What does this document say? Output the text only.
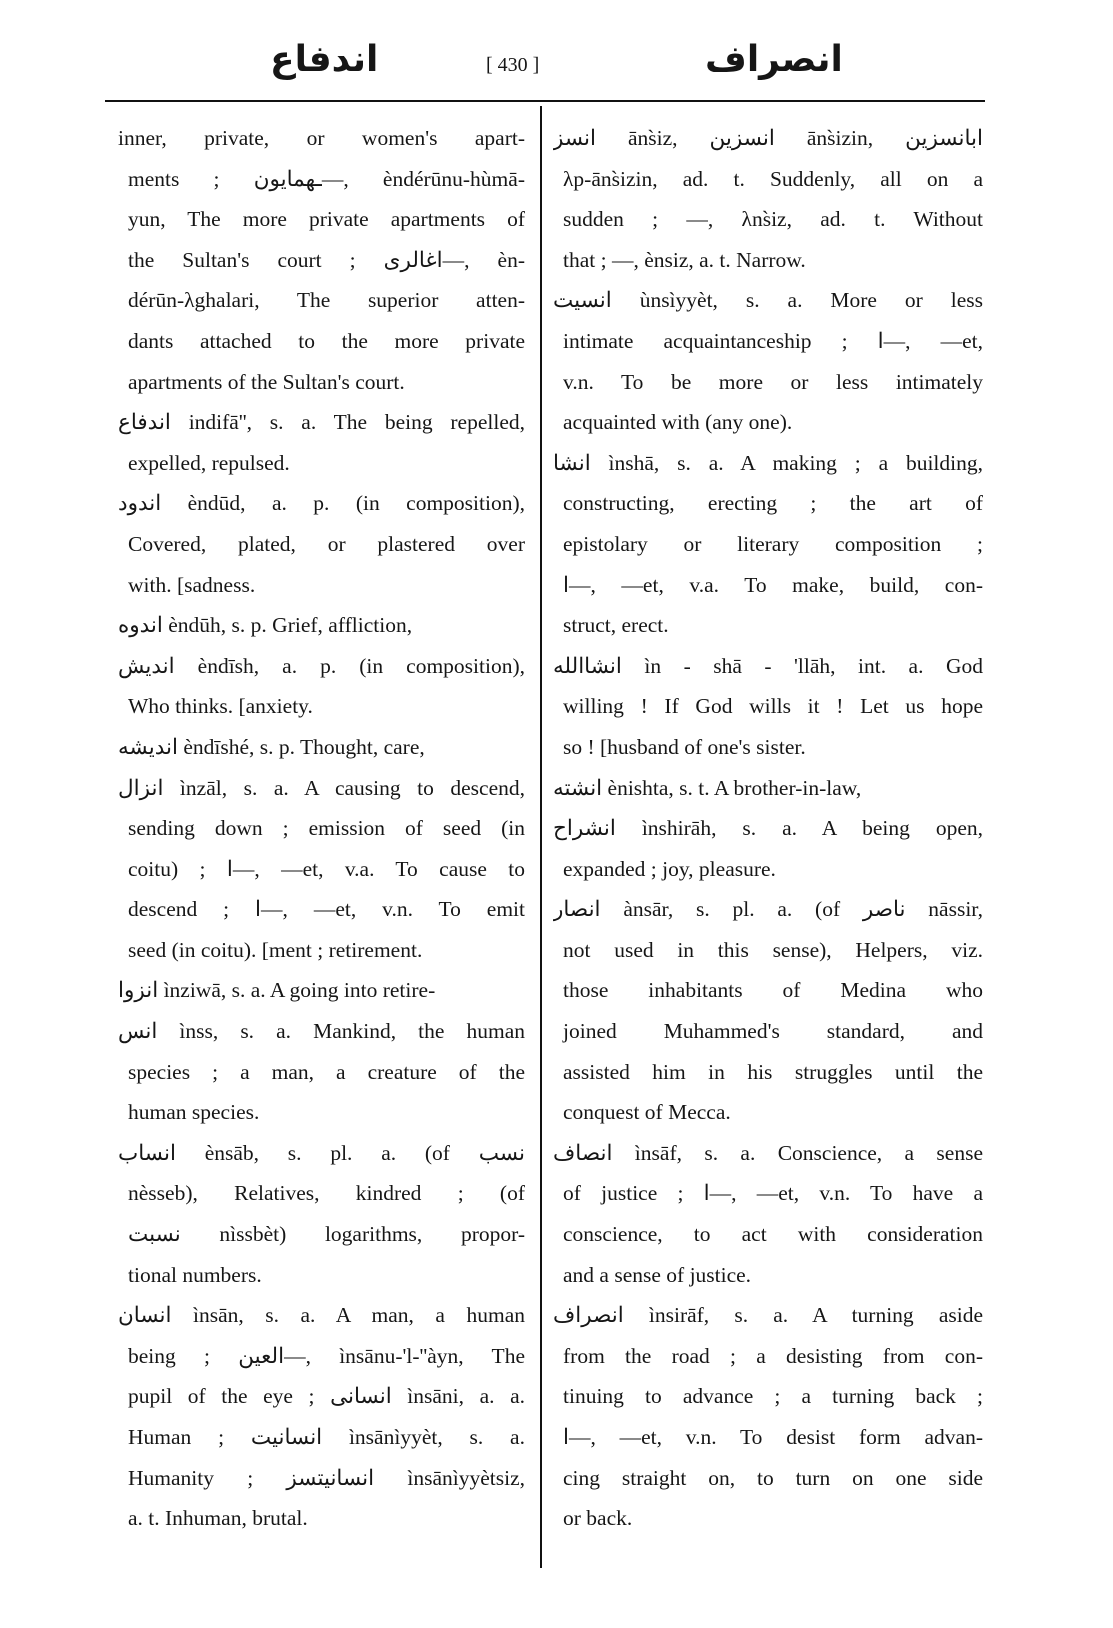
اندفاع	[ 430 ]	انصراف
inner, private, or women's apart-
ments ; ـهمايون—, èndérūnu-hùmā-
yun, The more private apartments of
the Sultan's court ; اغالرى—, èn-
dérūn-λghalari, The superior atten-
dants attached to the more private
apartments of the Sultan's court.
اندفاع indifā'', s. a. The being repelled,
expelled, repulsed.
اندود èndūd, a. p. (in composition),
Covered, plated, or plastered over
with. [sadness.
اندوه èndūh, s. p. Grief, affliction,
انديش èndīsh, a. p. (in composition),
Who thinks. [anxiety.
انديشه èndīshé, s. p. Thought, care,
انزال ìnzāl, s. a. A causing to descend,
sending down ; emission of seed (in
coitu) ; ا—, —et, v.a. To cause to
descend ; ا—, —et, v.n. To emit
seed (in coitu). [ment ; retirement.
انزوا ìnziwā, s. a. A going into retire-
انس ìnss, s. a. Mankind, the human
species ; a man, a creature of the
human species.
انساب ènsāb, s. pl. a. (of نسب
nèsseb), Relatives, kindred ; (of
نسبت nìssbèt) logarithms, propor-
tional numbers.
انسان ìnsān, s. a. A man, a human
being ; العين—, ìnsānu-'l-''àyn, The
pupil of the eye ; انسانى ìnsāni, a. a.
Human ; انسانيت ìnsānìyyèt, s. a.
Humanity ; انسانيتسز ìnsānìyyètsiz,
a. t. Inhuman, brutal.
انسز āns̀iz, انسزين āns̀izin, ابانسزين
λp-āns̀izin, ad. t. Suddenly, all on a
sudden ; —, λns̀iz, ad. t. Without
that ; —, ènsiz, a. t. Narrow.
انسيت ùnsìyyèt, s. a. More or less
intimate acquaintanceship ; ا—, —et,
v.n. To be more or less intimately
acquainted with (any one).
انشا ìnshā, s. a. A making ; a building,
constructing, erecting ; the art of
epistolary or literary composition ;
ا—, —et, v.a. To make, build, con-
struct, erect.
انشاالله ìn - shā - 'llāh, int. a. God
willing ! If God wills it ! Let us hope
so ! [husband of one's sister.
انشته ènishta, s. t. A brother-in-law,
انشراح ìnshirāh, s. a. A being open,
expanded ; joy, pleasure.
انصار ànsār, s. pl. a. (of ناصر nāssir,
not used in this sense), Helpers, viz.
those inhabitants of Medina who
joined Muhammed's standard, and
assisted him in his struggles until the
conquest of Mecca.
انصاف ìnsāf, s. a. Conscience, a sense
of justice ; ا—, —et, v.n. To have a
conscience, to act with consideration
and a sense of justice.
انصراف ìnsirāf, s. a. A turning aside
from the road ; a desisting from con-
tinuing to advance ; a turning back ;
ا—, —et, v.n. To desist form advan-
cing straight on, to turn on one side
or back.
